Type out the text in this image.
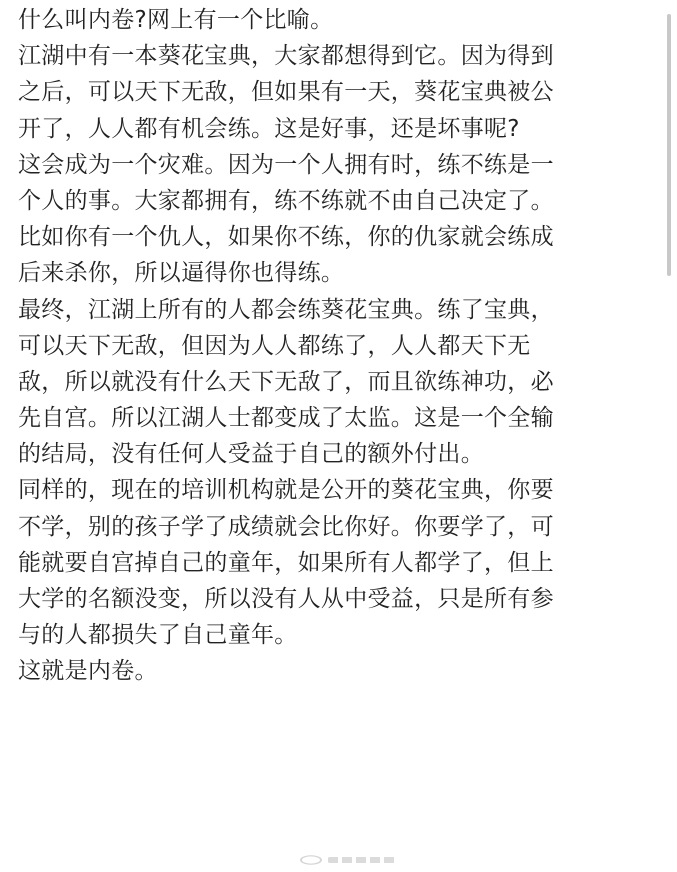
什么叫内卷?网上有一个比喻。
江湖中有一本葵花宝典，大家都想得到它。因为得到
之后，可以天下无敌，但如果有一天，葵花宝典被公
开了，人人都有机会练。这是好事，还是坏事呢?
这会成为一个灾难。因为一个人拥有时，练不练是一
个人的事。大家都拥有，练不练就不由自己决定了。
比如你有一个仇人，如果你不练，你的仇家就会练成
后来杀你，所以逼得你也得练。
最终，江湖上所有的人都会练葵花宝典。练了宝典，
可以天下无敌，但因为人人都练了，人人都天下无
敌，所以就没有什么天下无敌了，而且欲练神功，必
先自宫。所以江湖人士都变成了太监。这是一个全输
的结局，没有任何人受益于自己的额外付出。
同样的，现在的培训机构就是公开的葵花宝典，你要
不学，别的孩子学了成绩就会比你好。你要学了，可
能就要自宫掉自己的童年，如果所有人都学了，但上
大学的名额没变，所以没有人从中受益，只是所有参
与的人都损失了自己童年。
这就是内卷。
